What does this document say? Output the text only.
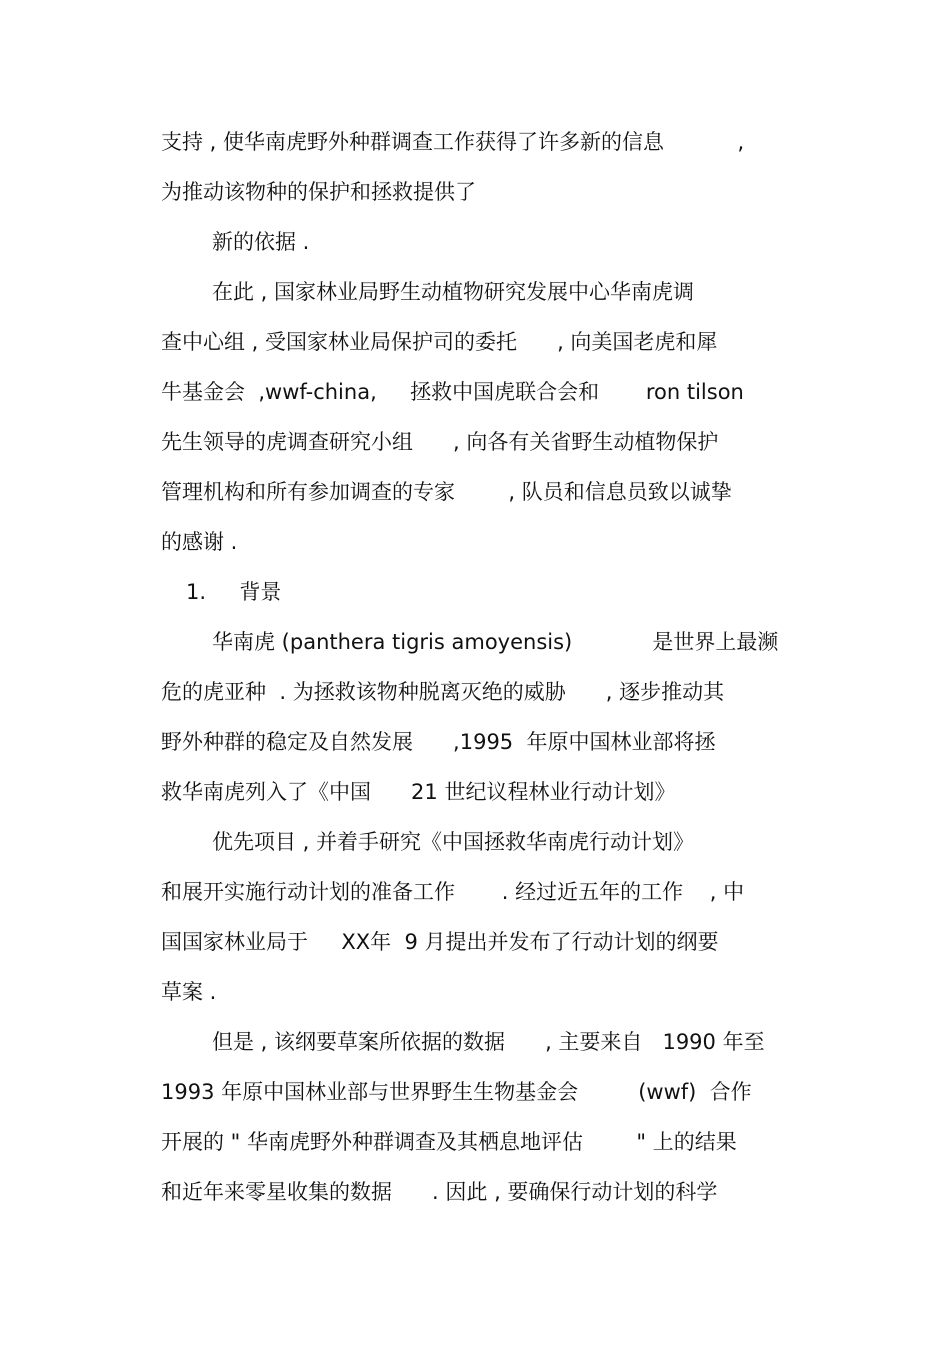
支持 , 使华南虎野外种群调查工作获得了许多新的信息           ,
为推动该物种的保护和拯救提供了
新的依据 .
在此 , 国家林业局野生动植物研究发展中心华南虎调
查中心组 , 受国家林业局保护司的委托      , 向美国老虎和犀
牛基金会  ,wwf-china,     拯救中国虎联合会和       ron tilson
先生领导的虎调查研究小组      , 向各有关省野生动植物保护
管理机构和所有参加调查的专家        , 队员和信息员致以诚挚
的感谢 .
1.     背景
华南虎 (panthera tigris amoyensis)            是世界上最濒
危的虎亚种  . 为拯救该物种脱离灭绝的威胁      , 逐步推动其
野外种群的稳定及自然发展      ,1995  年原中国林业部将拯
救华南虎列入了《中国      21 世纪议程林业行动计划》
优先项目 , 并着手研究《中国拯救华南虎行动计划》
和展开实施行动计划的准备工作       . 经过近五年的工作    , 中
国国家林业局于     XX年  9 月提出并发布了行动计划的纲要
草案 .
但是 , 该纲要草案所依据的数据      , 主要来自   1990 年至
1993 年原中国林业部与世界野生生物基金会         (wwf)  合作
开展的 " 华南虎野外种群调查及其栖息地评估        " 上的结果
和近年来零星收集的数据      . 因此 , 要确保行动计划的科学
